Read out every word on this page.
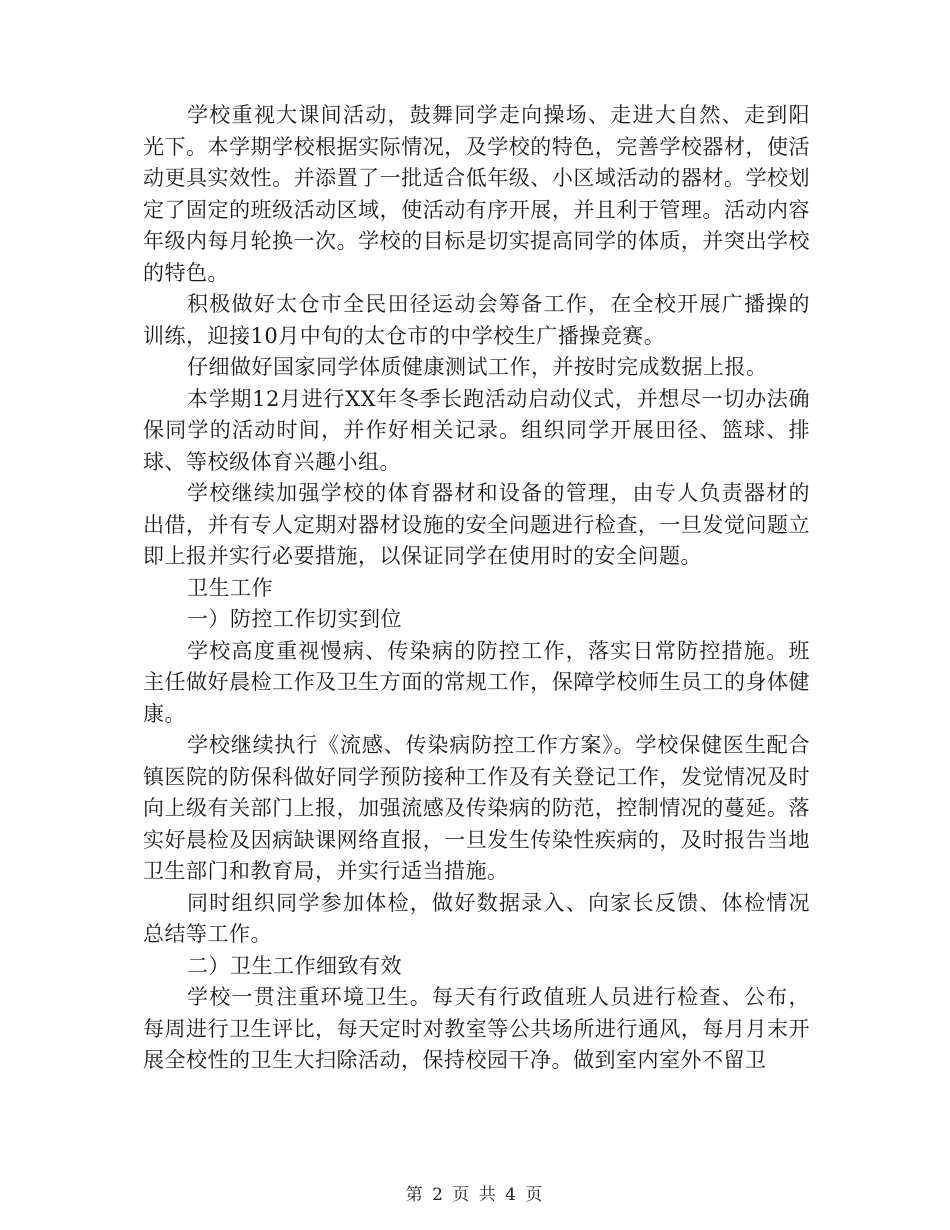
学校重视大课间活动，鼓舞同学走向操场、走进大自然、走到阳光下。本学期学校根据实际情况，及学校的特色，完善学校器材，使活动更具实效性。并添置了一批适合低年级、小区域活动的器材。学校划定了固定的班级活动区域，使活动有序开展，并且利于管理。活动内容年级内每月轮换一次。学校的目标是切实提高同学的体质，并突出学校的特色。

积极做好太仓市全民田径运动会筹备工作，在全校开展广播操的训练，迎接10月中旬的太仓市的中学校生广播操竞赛。

仔细做好国家同学体质健康测试工作，并按时完成数据上报。

本学期12月进行XX年冬季长跑活动启动仪式，并想尽一切办法确保同学的活动时间，并作好相关记录。组织同学开展田径、篮球、排球、等校级体育兴趣小组。

学校继续加强学校的体育器材和设备的管理，由专人负责器材的出借，并有专人定期对器材设施的安全问题进行检查，一旦发觉问题立即上报并实行必要措施，以保证同学在使用时的安全问题。

卫生工作

一）防控工作切实到位

学校高度重视慢病、传染病的防控工作，落实日常防控措施。班主任做好晨检工作及卫生方面的常规工作，保障学校师生员工的身体健康。

学校继续执行《流感、传染病防控工作方案》。学校保健医生配合镇医院的防保科做好同学预防接种工作及有关登记工作，发觉情况及时向上级有关部门上报，加强流感及传染病的防范，控制情况的蔓延。落实好晨检及因病缺课网络直报，一旦发生传染性疾病的，及时报告当地卫生部门和教育局，并实行适当措施。

同时组织同学参加体检，做好数据录入、向家长反馈、体检情况总结等工作。

二）卫生工作细致有效

学校一贯注重环境卫生。每天有行政值班人员进行检查、公布，每周进行卫生评比，每天定时对教室等公共场所进行通风，每月月末开展全校性的卫生大扫除活动，保持校园干净。做到室内室外不留卫

第 2 页 共 4 页
